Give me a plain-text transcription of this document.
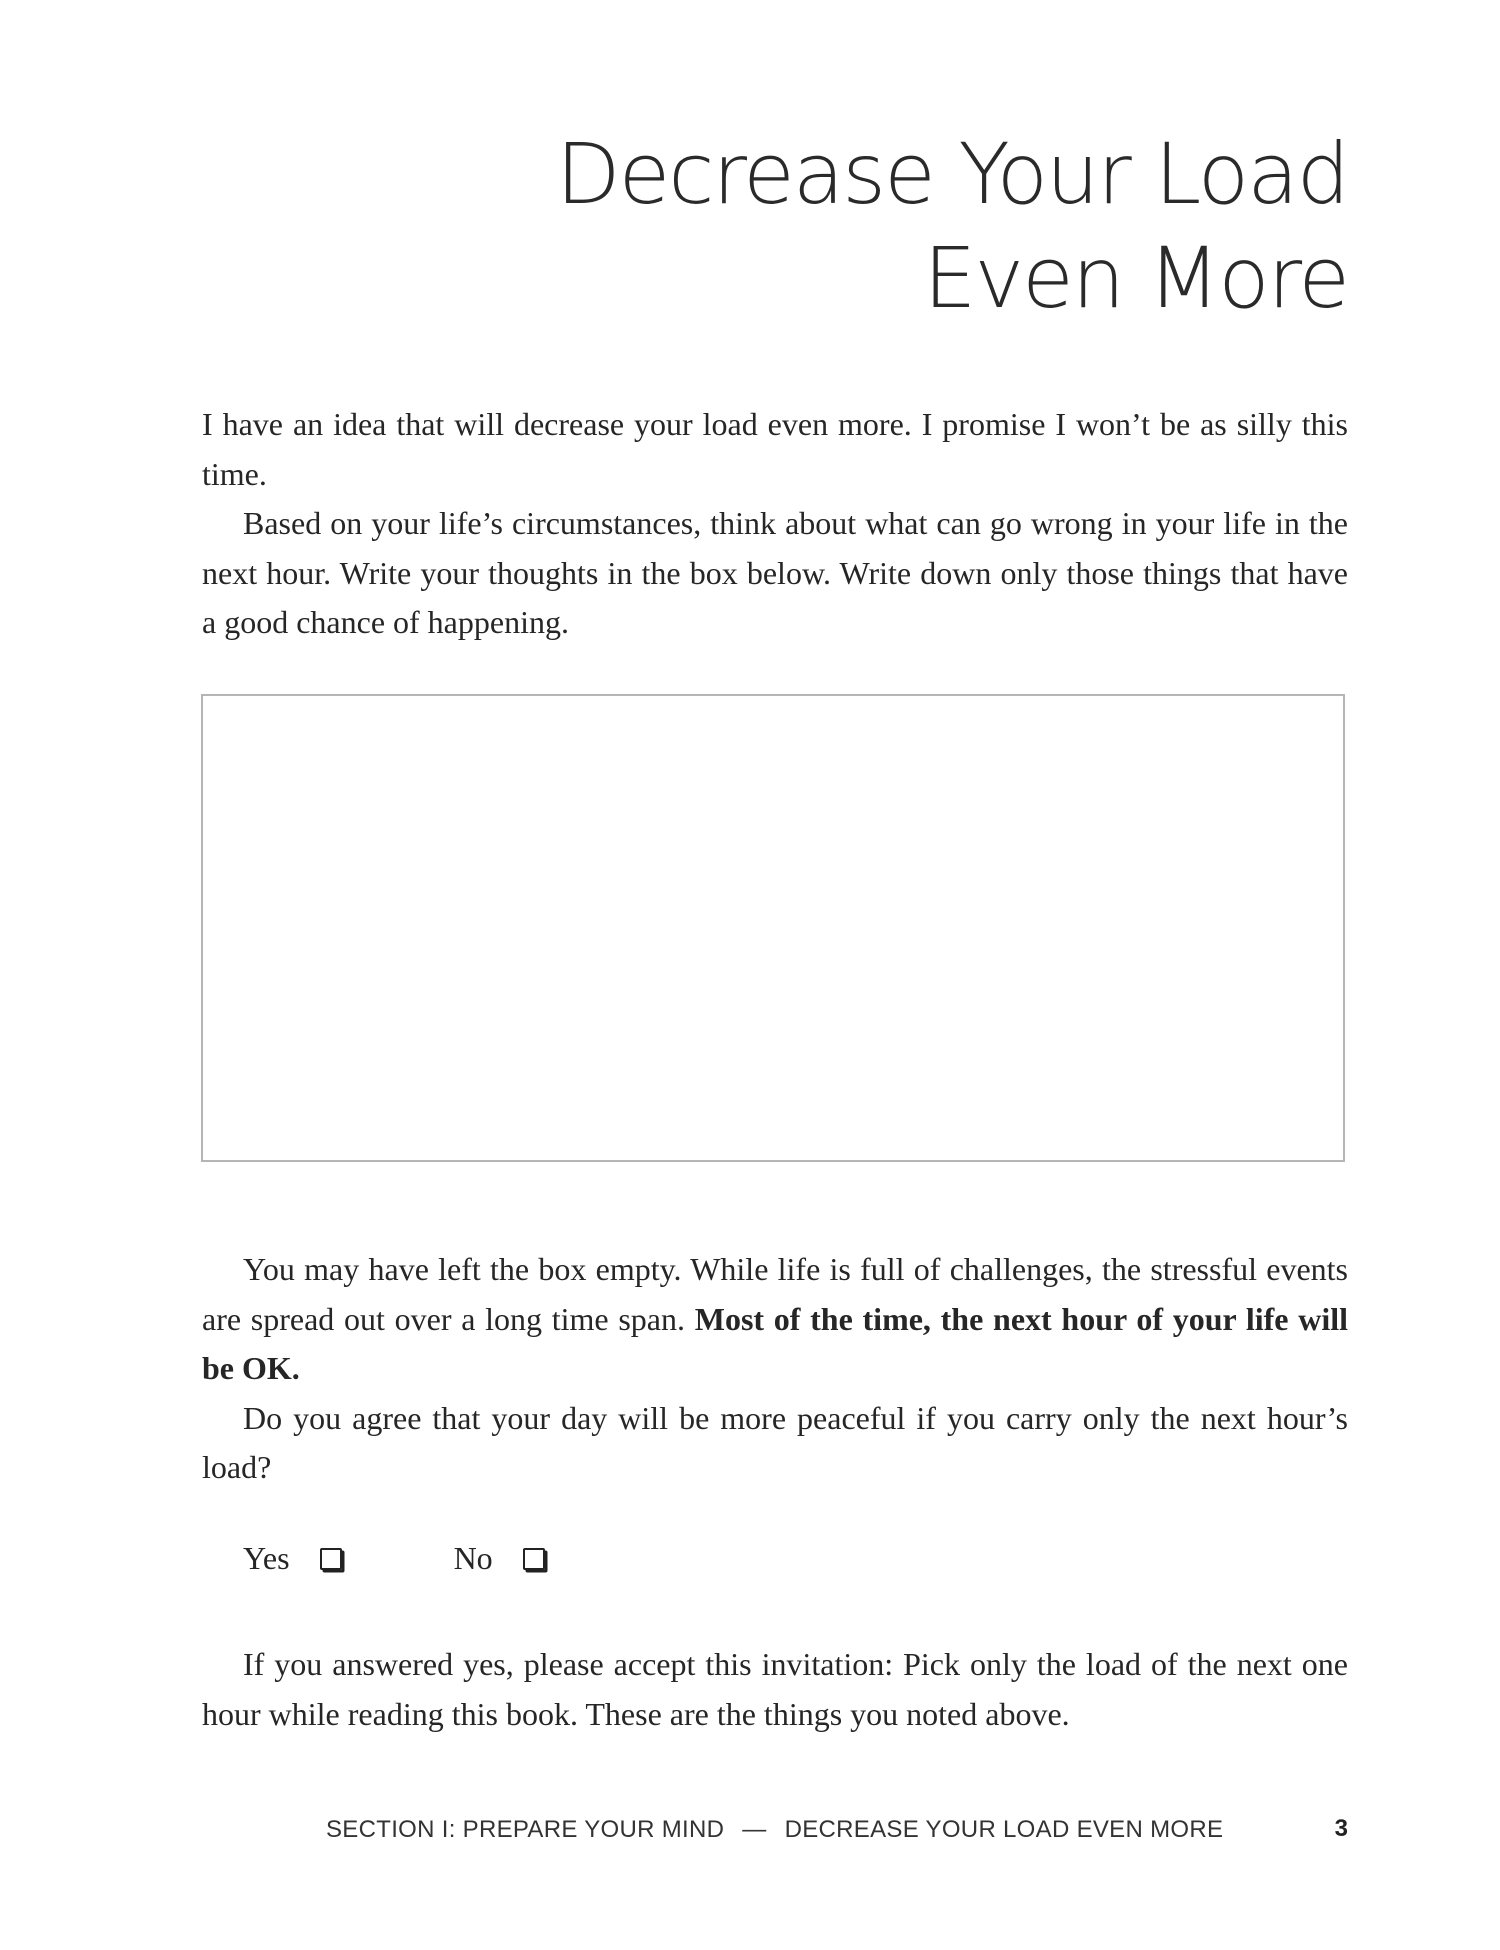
Decrease Your Load
Even More

I have an idea that will decrease your load even more. I promise I won’t be as silly this time.

Based on your life’s circumstances, think about what can go wrong in your life in the next hour. Write your thoughts in the box below. Write down only those things that have a good chance of happening.

You may have left the box empty. While life is full of challenges, the stressful events are spread out over a long time span. Most of the time, the next hour of your life will be OK.

Do you agree that your day will be more peaceful if you carry only the next hour’s load?

Yes	No

If you answered yes, please accept this invitation: Pick only the load of the next one hour while reading this book. These are the things you noted above.

SECTION I: PREPARE YOUR MIND — DECREASE YOUR LOAD EVEN MORE	3
